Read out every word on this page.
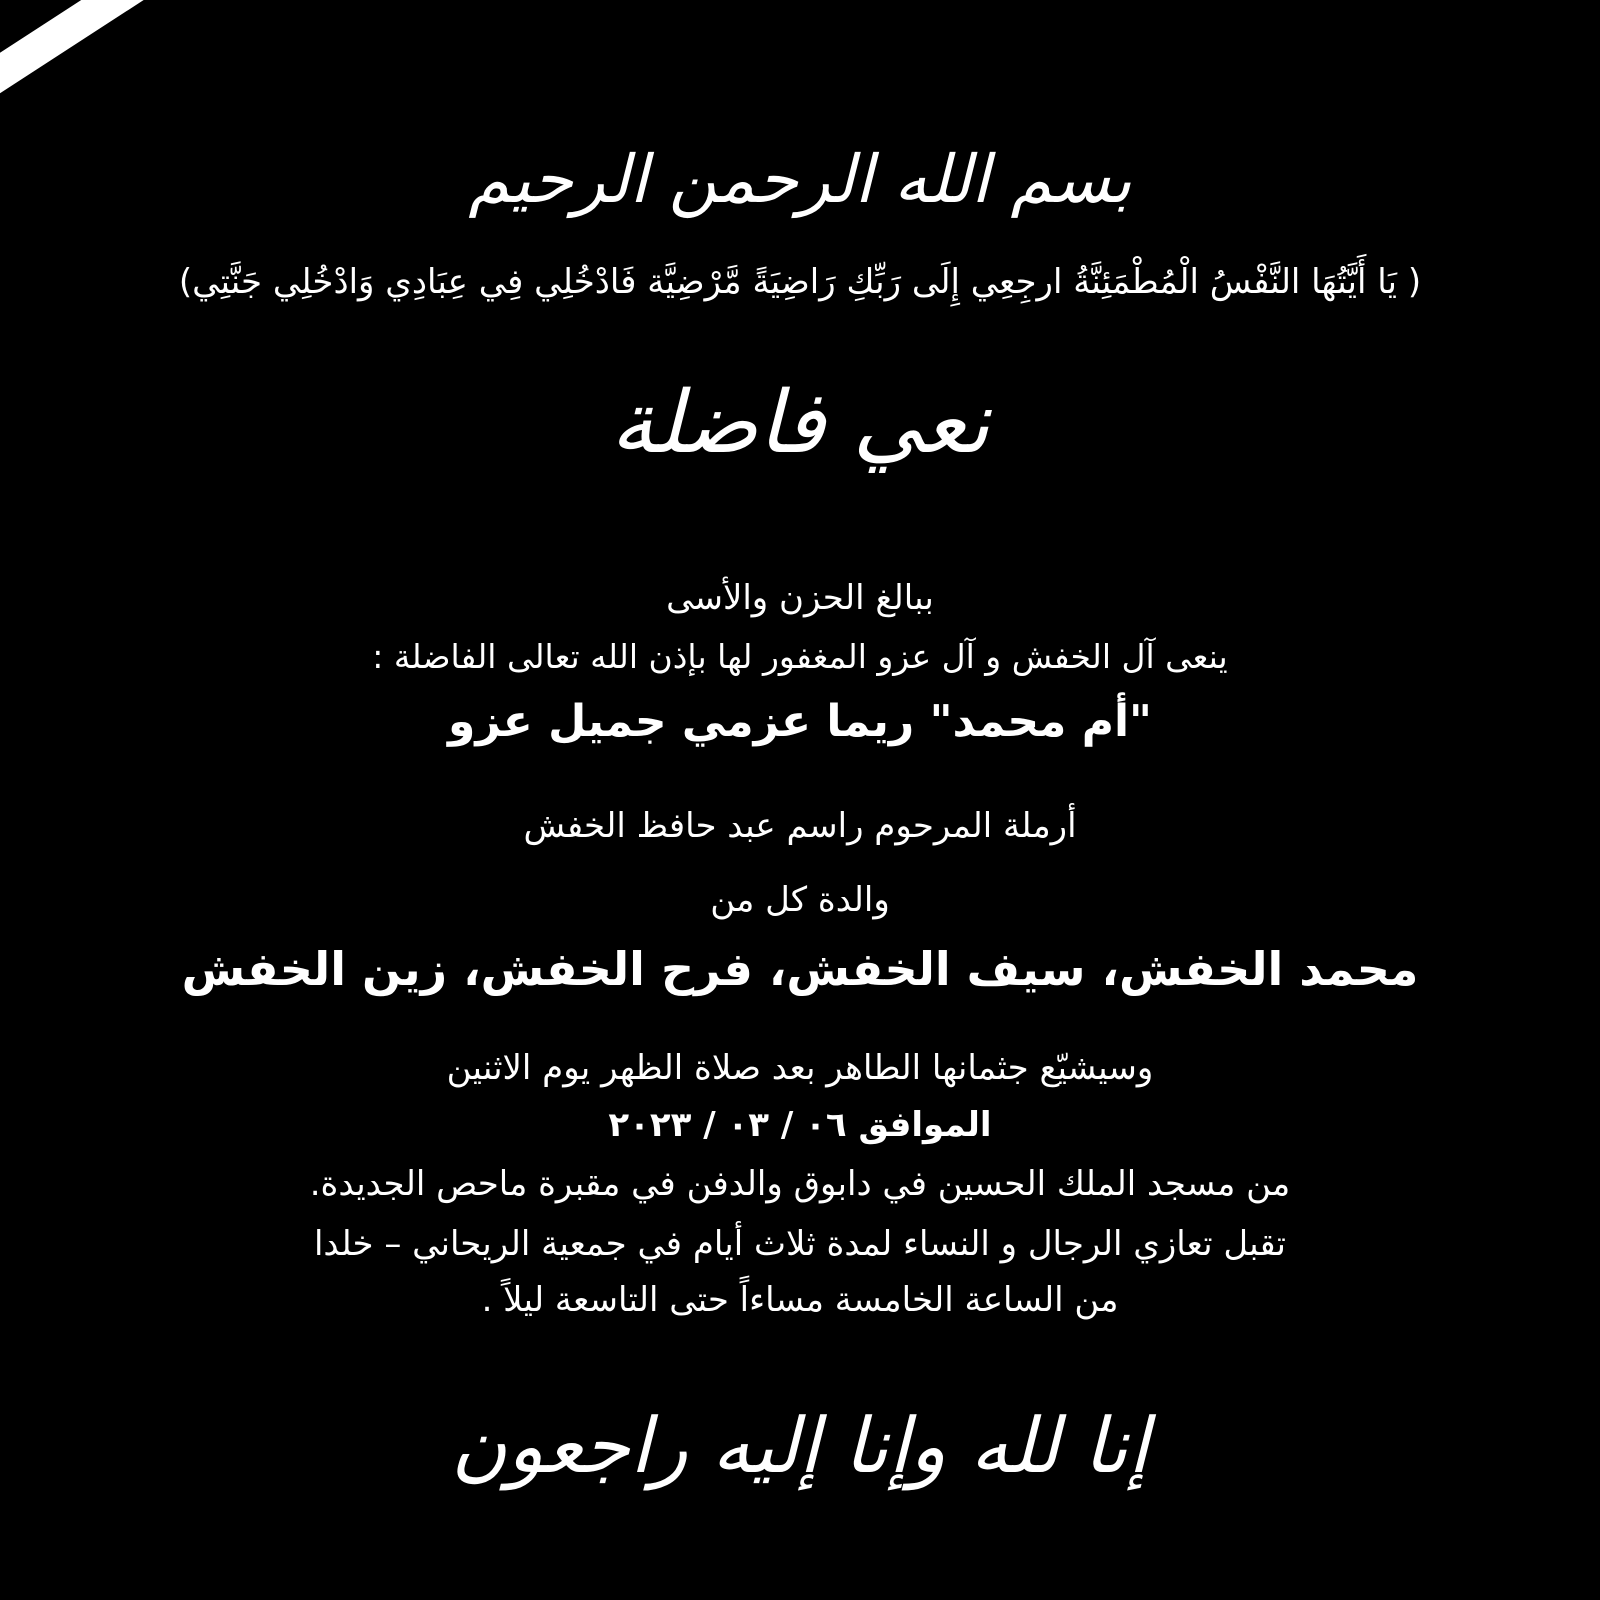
بسم الله الرحمن الرحيم
( يَا أَيَّتُهَا النَّفْسُ الْمُطْمَئِنَّةُ ارجِعِي إِلَى رَبِّكِ رَاضِيَةً مَّرْضِيَّة فَادْخُلِي فِي عِبَادِي وَادْخُلِي جَنَّتِي)
نعي فاضلة
ببالغ الحزن والأسى
ينعى آل الخفش و آل عزو المغفور لها بإذن الله تعالى الفاضلة :
"أم محمد" ريما عزمي جميل عزو
أرملة المرحوم راسم عبد حافظ الخفش
والدة كل من
محمد الخفش، سيف الخفش، فرح الخفش، زين الخفش
وسيشيّع جثمانها الطاهر بعد صلاة الظهر يوم الاثنين
الموافق ٠٦ / ٠٣ / ٢٠٢٣
من مسجد الملك الحسين في دابوق والدفن في مقبرة ماحص الجديدة.
تقبل تعازي الرجال و النساء لمدة ثلاث أيام في جمعية الريحاني – خلدا
من الساعة الخامسة مساءاً حتى التاسعة ليلاً .
إنا لله وإنا إليه راجعون
